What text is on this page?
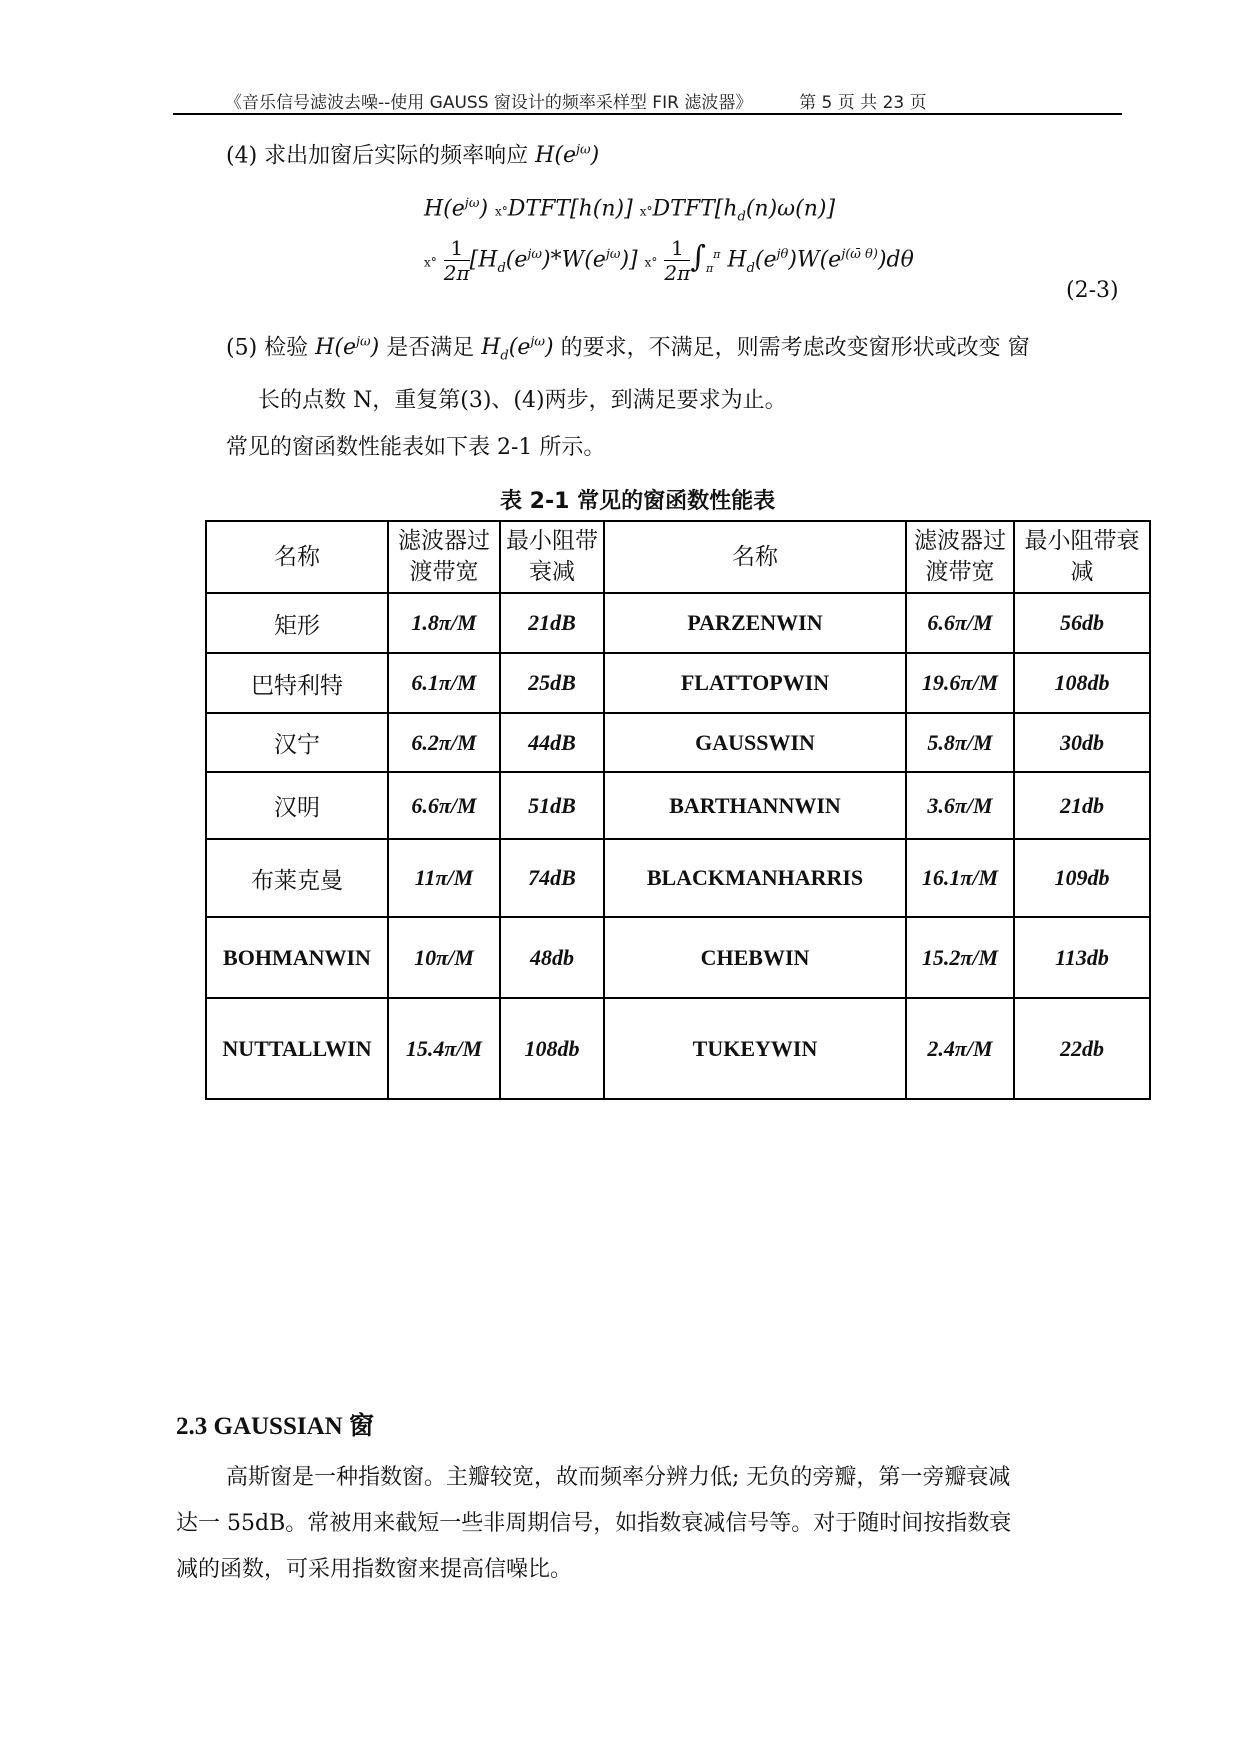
《音乐信号滤波去噪--使用 GAUSS 窗设计的频率采样型 FIR 滤波器》	第 5 页 共 23 页
(4) 求出加窗后实际的频率响应 $H(e^{j\omega})$
$H(e^{j\omega})$ x°DTFT[h(n)] $x^\circ DTFT[h_d(n)\omega(n)]$
$x^\circ \frac{1}{2\pi} [H_d(e^{j\omega})*W(e^{j\omega})]$ $x^\circ \frac{1}{2\pi} \int_\pi^\pi$ $H_d(e^{j\theta})W(e^{j(\omegā \theta)})d\theta$
(2-3)
(5) 检验 $H(e^{j\omega})$ 是否满足 $H_d(e^{j\omega})$ 的要求，不满足，则需考虑改变窗形状或改变 窗
长的点数 N，重复第(3)、(4)两步，到满足要求为止。
常见的窗函数性能表如下表 2-1 所示。
表 2-1 常见的窗函数性能表
名称	滤波器过渡带宽	最小阻带衰减	名称	滤波器过渡带宽	最小阻带衰减
矩形	1.8π/M	21dB	PARZENWIN	6.6π/M	56db
巴特利特	6.1π/M	25dB	FLATTOPWIN	19.6π/M	108db
汉宁	6.2π/M	44dB	GAUSSWIN	5.8π/M	30db
汉明	6.6π/M	51dB	BARTHANNWIN	3.6π/M	21db
布莱克曼	11π/M	74dB	BLACKMANHARRIS	16.1π/M	109db
BOHMANWIN	10π/M	48db	CHEBWIN	15.2π/M	113db
NUTTALLWIN	15.4π/M	108db	TUKEYWIN	2.4π/M	22db
2.3 GAUSSIAN 窗
高斯窗是一种指数窗。主瓣较宽，故而频率分辨力低; 无负的旁瓣，第一旁瓣衰减
达一 55dB。常被用来截短一些非周期信号，如指数衰减信号等。对于随时间按指数衰
减的函数，可采用指数窗来提高信噪比。
